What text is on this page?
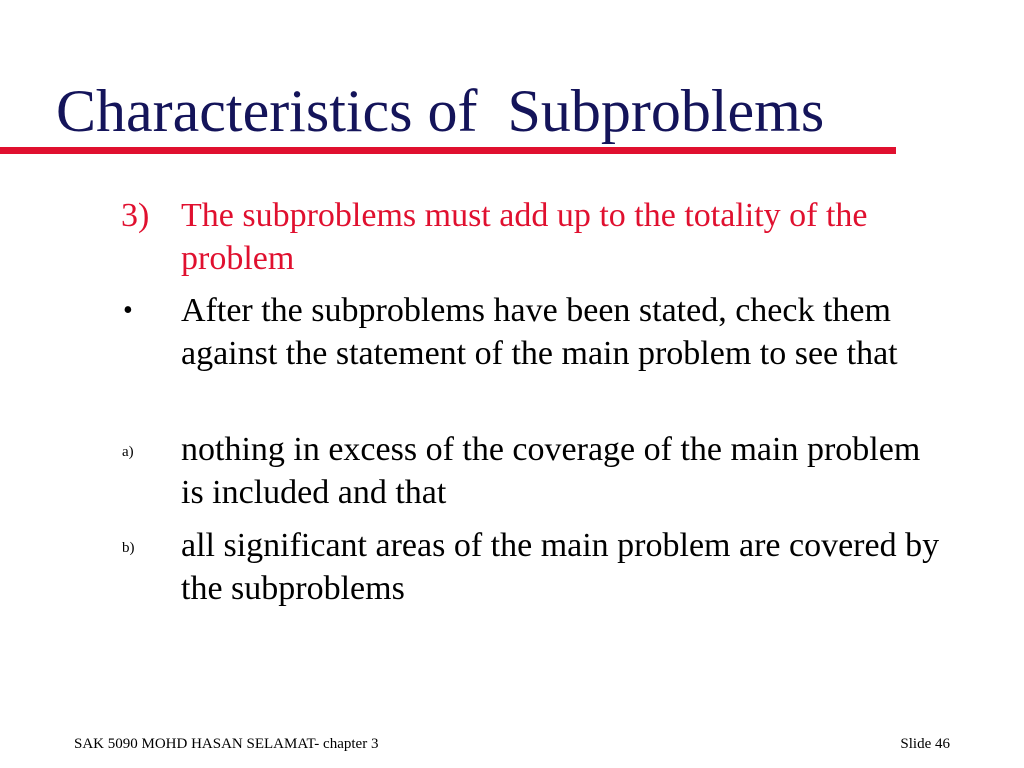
Characteristics of  Subproblems
3) The subproblems must add up to the totality of the problem

• After the subproblems have been stated, check them against the statement of the main problem to see that

a) nothing in excess of the coverage of the main problem is included and that

b) all significant areas of the main problem are covered by the subproblems

SAK 5090 MOHD HASAN SELAMAT- chapter 3	Slide 46
